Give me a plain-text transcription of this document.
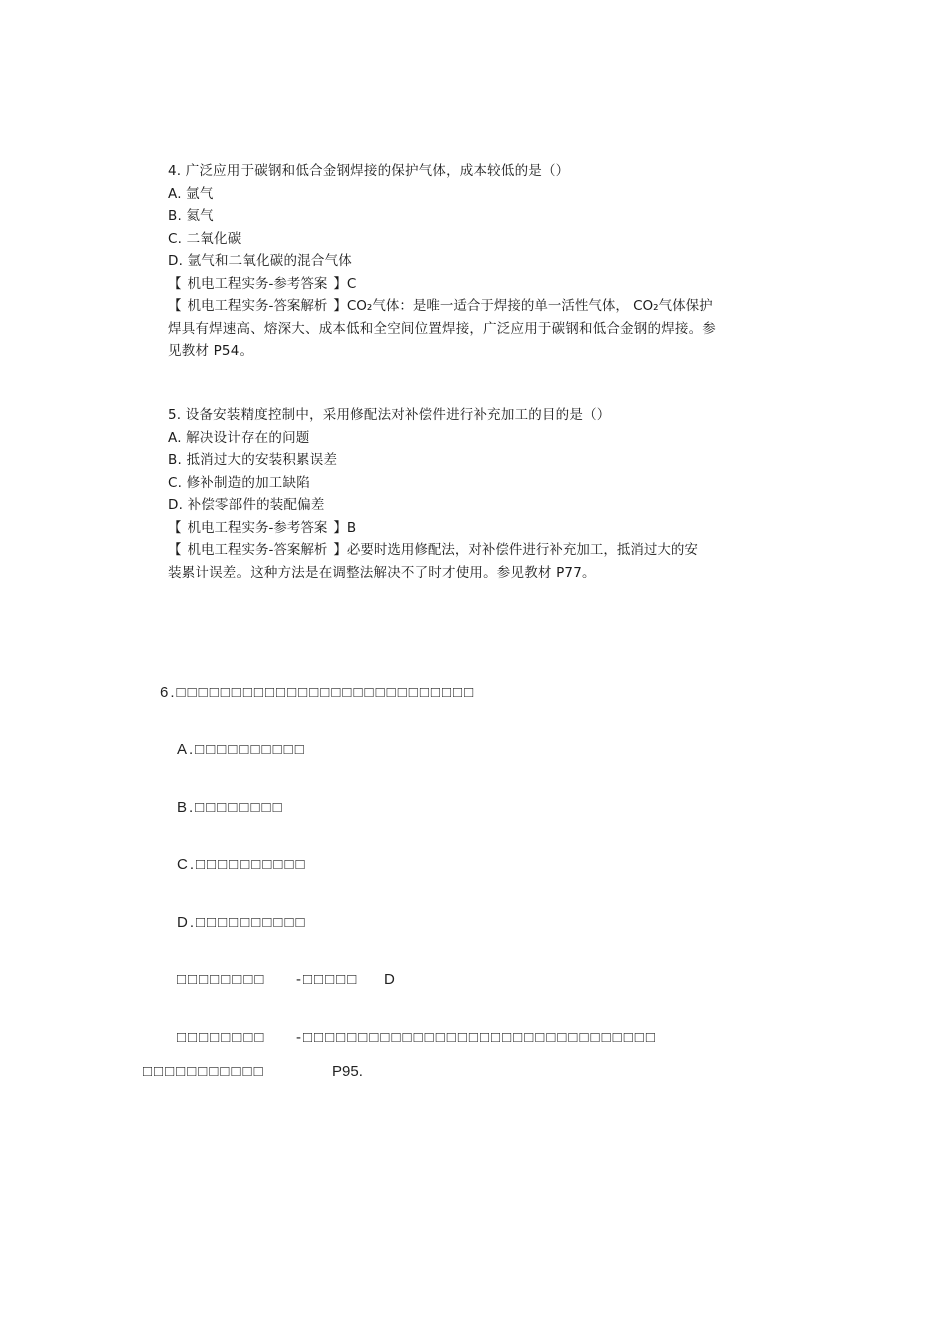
4. 广泛应用于碳钢和低合金钢焊接的保护气体，成本较低的是（）
A. 氩气
B. 氦气
C. 二氧化碳
D. 氩气和二氧化碳的混合气体
【 机电工程实务-参考答案 】C
【 机电工程实务-答案解析 】CO₂气体：是唯一适合于焊接的单一活性气体， CO₂气体保护
焊具有焊速高、熔深大、成本低和全空间位置焊接，广泛应用于碳钢和低合金钢的焊接。参
见教材 P54。
5. 设备安装精度控制中，采用修配法对补偿件进行补充加工的目的是（）
A. 解决设计存在的问题
B. 抵消过大的安装积累误差
C. 修补制造的加工缺陷
D. 补偿零部件的装配偏差
【 机电工程实务-参考答案 】B
【 机电工程实务-答案解析 】必要时选用修配法，对补偿件进行补充加工，抵消过大的安
装累计误差。这种方法是在调整法解决不了时才使用。参见教材 P77。
6.□□□□□□□□□□□□□□□□□□□□□□□□□□□
A.□□□□□□□□□□
B.□□□□□□□□
C.□□□□□□□□□□
D.□□□□□□□□□□
□□□□□□□□ -□□□□□ D
□□□□□□□□ -□□□□□□□□□□□□□□□□□□□□□□□□□□□□□□□□
□□□□□□□□□□□	P95.
